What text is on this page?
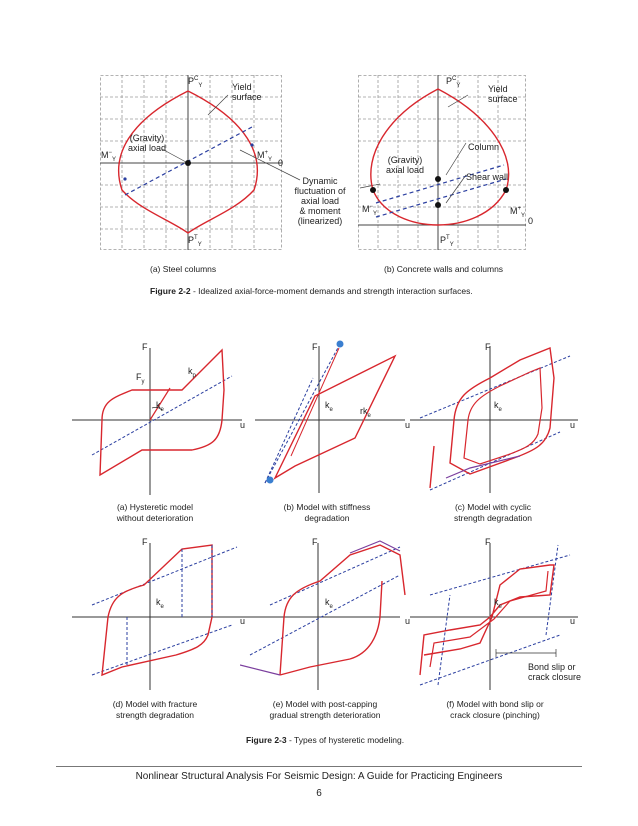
$P^C_Y$	Yield
surface
(Gravity)
axial load
$M^-_Y$	$M^+_Y$ 0
$P^T_Y$
Dynamic
fluctuation of
axial load
& moment
(linearized)
$P^C_Y$	Yield
surface
Column
(Gravity)
axial load
Shear wall
$M^-_Y$	$M^+_Y$
0
$P^T_Y$
(a) Steel columns	(b) Concrete walls and columns
Figure 2-2 - Idealized axial-force-moment demands and strength interaction surfaces.
F
u
$F_y$
$k_p$
$k_e$
F
u
$k_e$	$rk_e$
F
u
$k_e$
(a) Hysteretic model
without deterioration
(b) Model with stiffness
degradation
(c) Model with cyclic
strength degradation
F
u
$k_e$
F
u
$k_e$
F
u
$k_e$
Bond slip or
crack closure
(d) Model with fracture
strength degradation
(e) Model with post-capping
gradual strength deterioration
(f) Model with bond slip or
crack closure (pinching)
Figure 2-3 - Types of hysteretic modeling.
Nonlinear Structural Analysis For Seismic Design: A Guide for Practicing Engineers
6
